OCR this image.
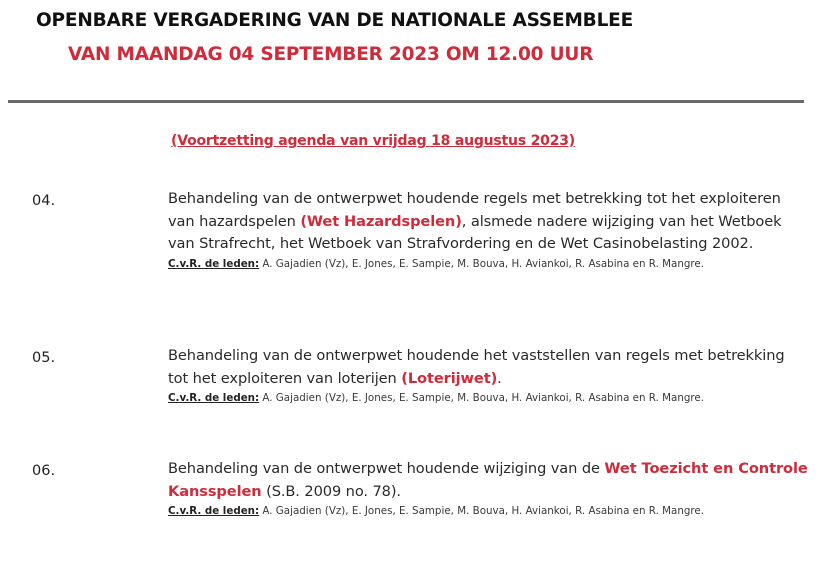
OPENBARE VERGADERING VAN DE NATIONALE ASSEMBLEE
VAN MAANDAG 04 SEPTEMBER 2023 OM 12.00 UUR
(Voortzetting agenda van vrijdag 18 augustus 2023)
04.	Behandeling van de ontwerpwet houdende regels met betrekking tot het exploiteren van hazardspelen (Wet Hazardspelen), alsmede nadere wijziging van het Wetboek van Strafrecht, het Wetboek van Strafvordering en de Wet Casinobelasting 2002.

C.v.R. de leden: A. Gajadien (Vz), E. Jones, E. Sampie, M. Bouva, H. Aviankoi, R. Asabina en R. Mangre.

05.	Behandeling van de ontwerpwet houdende het vaststellen van regels met betrekking tot het exploiteren van loterijen (Loterijwet).

C.v.R. de leden: A. Gajadien (Vz), E. Jones, E. Sampie, M. Bouva, H. Aviankoi, R. Asabina en R. Mangre.

06.	Behandeling van de ontwerpwet houdende wijziging van de Wet Toezicht en Controle Kansspelen (S.B. 2009 no. 78).

C.v.R. de leden: A. Gajadien (Vz), E. Jones, E. Sampie, M. Bouva, H. Aviankoi, R. Asabina en R. Mangre.
